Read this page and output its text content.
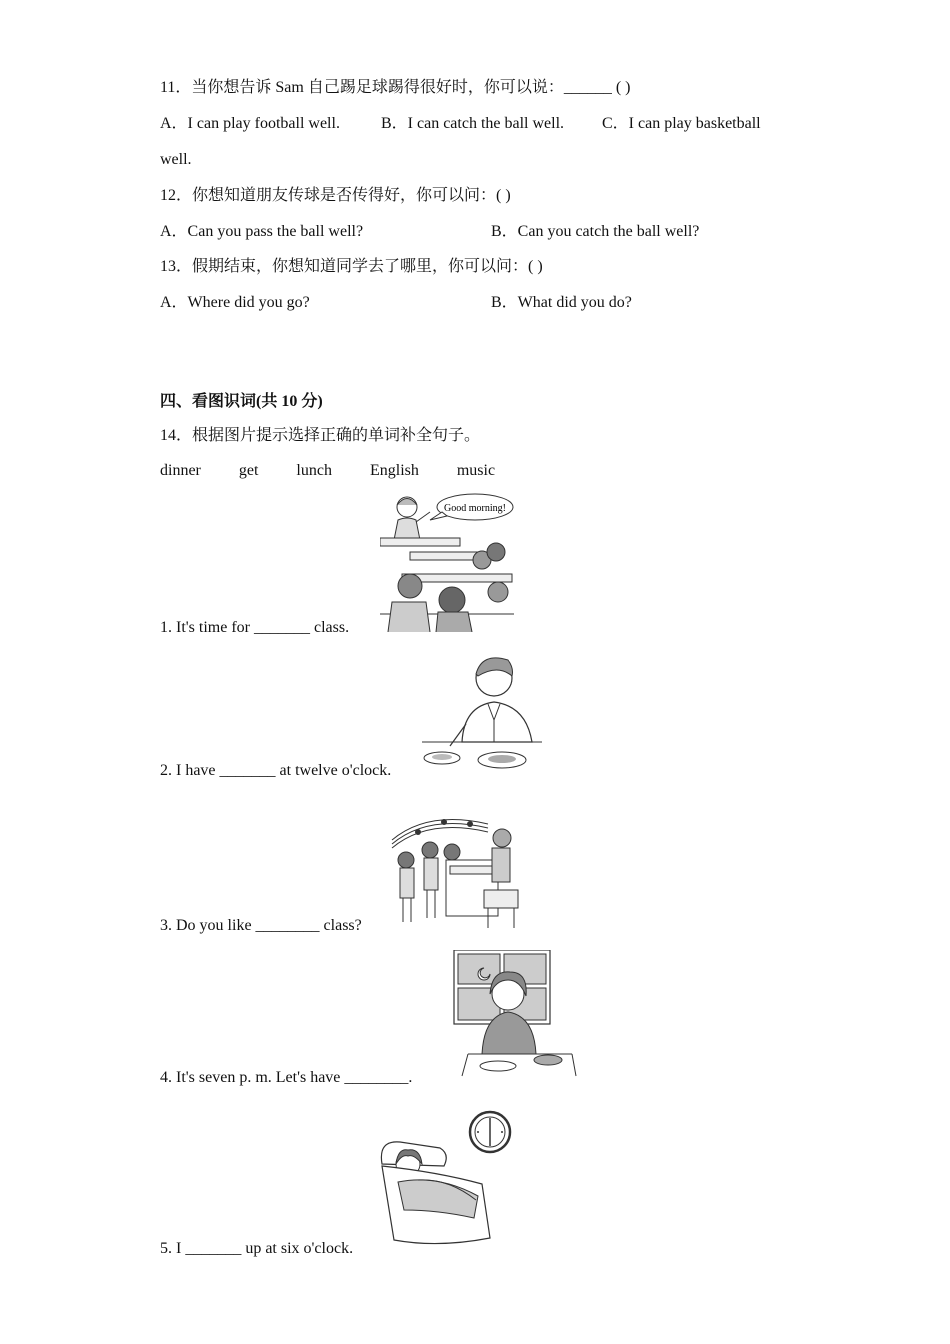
11．当你想告诉 Sam 自己踢足球踢得很好时，你可以说：______ ( )
A．I can play football well.	B．I can catch the ball well. C．I can play basketball
well.
12．你想知道朋友传球是否传得好，你可以问：( )
A．Can you pass the ball well?	B．Can you catch the ball well?
13．假期结束，你想知道同学去了哪里，你可以问：( )
A．Where did you go?	B．What did you do?
四、看图识词(共 10 分)
14．根据图片提示选择正确的单词补全句子。
dinner get lunch English music
Good morning!
1. It's time for _______ class.
2. I have _______ at twelve o'clock.
3. Do you like ________ class?
4. It's seven p. m. Let's have ________.
5. I _______ up at six o'clock.
